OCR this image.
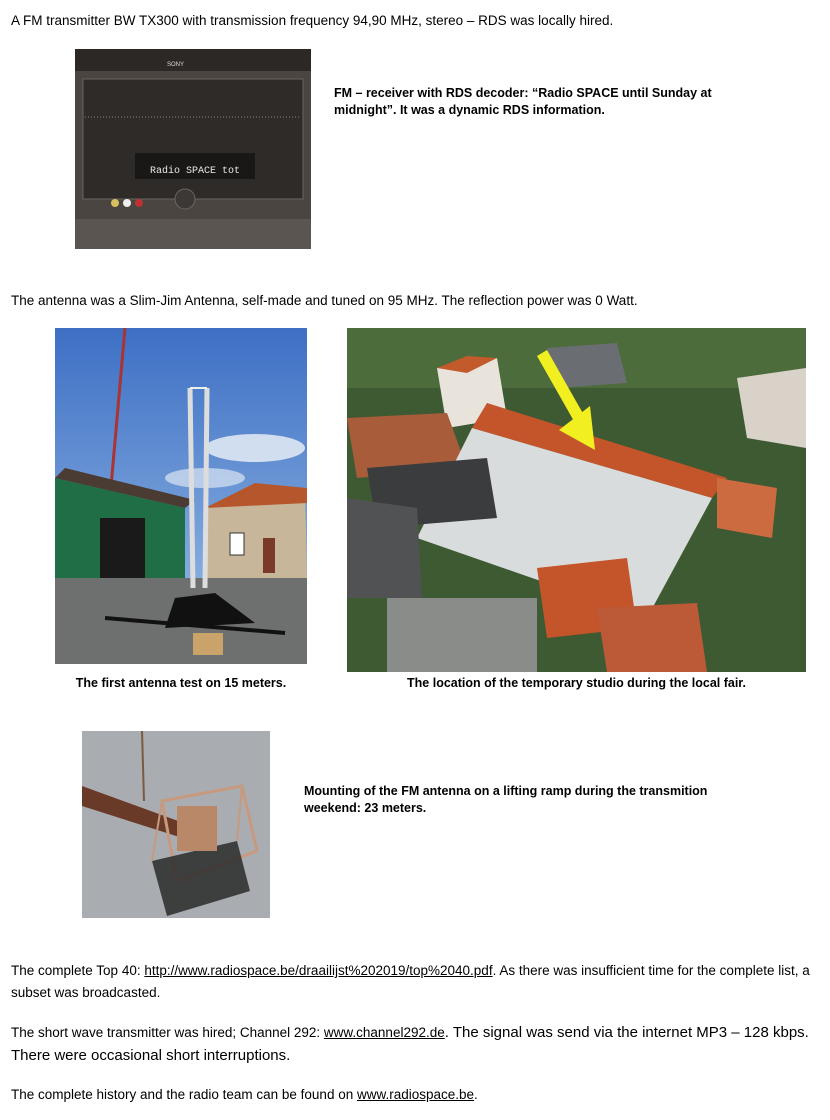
A FM transmitter BW TX300 with transmission frequency 94,90 MHz, stereo – RDS was locally hired.
SONY
Radio SPACE tot
FM – receiver with RDS decoder: “Radio SPACE until Sunday at midnight”. It was a dynamic RDS information.
The antenna was a Slim-Jim Antenna, self-made and tuned on 95 MHz. The reflection power was 0 Watt.
The first antenna test on 15 meters.	The location of the temporary studio during the local fair.
Mounting of the FM antenna on a lifting ramp during the transmition weekend: 23 meters.
The complete Top 40: http://www.radiospace.be/draailijst%202019/top%2040.pdf. As there was insufficient time for the complete list, a subset was broadcasted.
The short wave transmitter was hired; Channel 292: www.channel292.de. The signal was send via the internet MP3 – 128 kbps. There were occasional short interruptions.
The complete history and the radio team can be found on www.radiospace.be.
